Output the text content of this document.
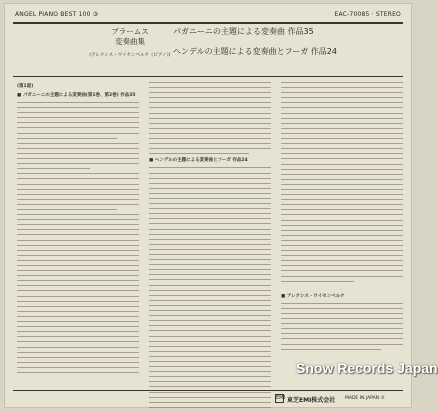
ANGEL PIANO BEST 100 ③	EAC-70085 · STEREO
ブラームス
変奏曲集
(アレクシス・ワイセンベルク《ピアノ》)
パガニーニの主題による変奏曲 作品35
ヘンデルの主題による変奏曲とフーガ 作品24
(第1面)
■ パガニーニの主題による変奏曲(第1巻、第2巻) 作品35
■ ヘンデルの主題による変奏曲とフーガ 作品24
■ アレクシス・ワイセンベルク
EMI 東芝EMI株式会社 MADE IN JAPAN ③
Snow Records Japan
